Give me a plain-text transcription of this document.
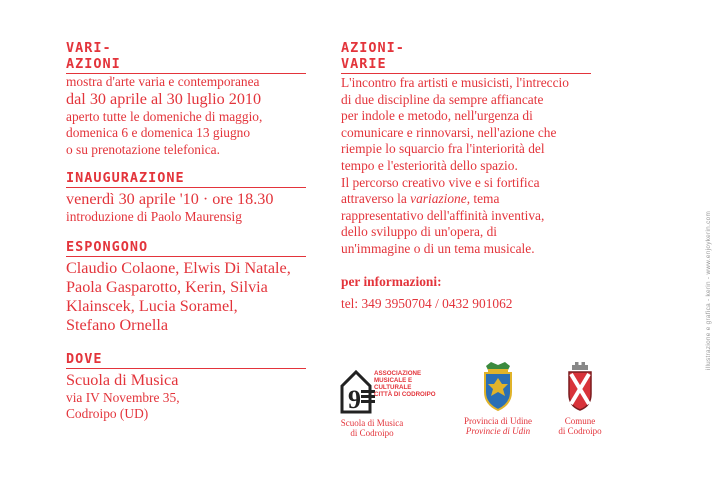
VARI-
AZIONI
mostra d'arte varia e contemporanea
dal 30 aprile al 30 luglio 2010
aperto tutte le domeniche di maggio,
domenica 6 e domenica 13 giugno
o su prenotazione telefonica.
INAUGURAZIONE
venerdì 30 aprile '10 · ore 18.30
introduzione di Paolo Maurensig
ESPONGONO
Claudio Colaone, Elwis Di Natale,
Paola Gasparotto, Kerin, Silvia
Klainscek, Lucia Soramel,
Stefano Ornella
DOVE
Scuola di Musica
via IV Novembre 35,
Codroipo (UD)
AZIONI-
VARIE
L'incontro fra artisti e musicisti, l'intreccio
di due discipline da sempre affiancate
per indole e metodo, nell'urgenza di
comunicare e rinnovarsi, nell'azione che
riempie lo squarcio fra l'interiorità del
tempo e l'esteriorità dello spazio.
Il percorso creativo vive e si fortifica
attraverso la variazione, tema
rappresentativo dell'affinità inventiva,
dello sviluppo di un'opera, di
un'immagine o di un tema musicale.
per informazioni:
tel: 349 3950704 / 0432 901062	illustrazione e grafica - kerin - www.enjoykerin.com
9
ASSOCIAZIONE
MUSICALE E
CULTURALE
CITTÀ DI CODROIPO
Scuola di Musica
di Codroipo
Provincia di Udine
Provincie di Udin
Comune
di Codroipo
